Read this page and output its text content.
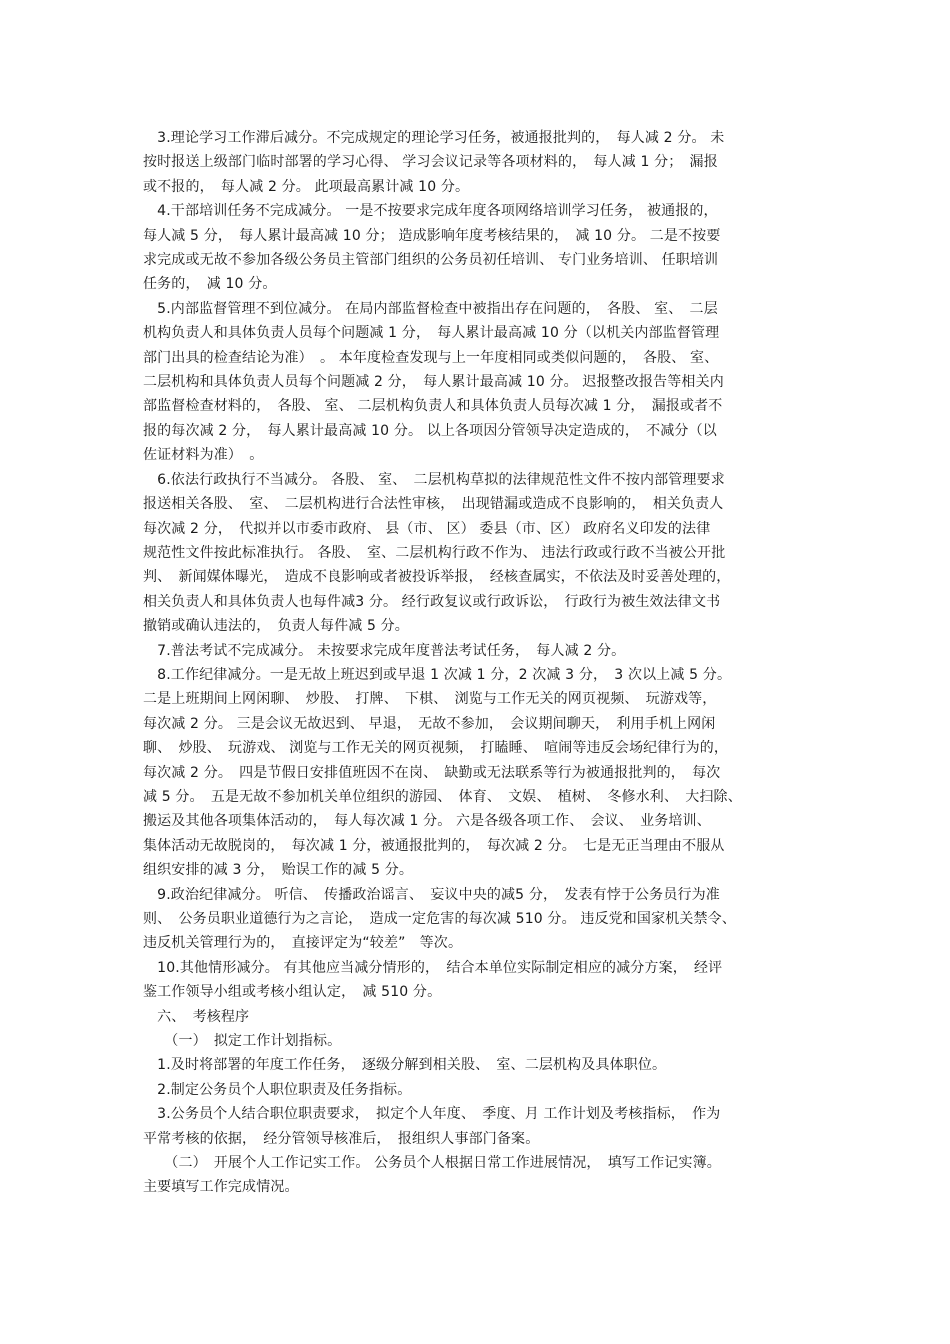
　3.理论学习工作滞后减分。不完成规定的理论学习任务，被通报批判的，　每人减 2 分。 未
按时报送上级部门临时部署的学习心得、 学习会议记录等各项材料的，　每人减 1 分；　漏报
或不报的，　每人减 2 分。 此项最高累计减 10 分。

　4.干部培训任务不完成减分。 一是不按要求完成年度各项网络培训学习任务， 被通报的，
每人减 5 分，　每人累计最高减 10 分； 造成影响年度考核结果的，　减 10 分。 二是不按要
求完成或无故不参加各级公务员主管部门组织的公务员初任培训、 专门业务培训、 任职培训
任务的，　减 10 分。

　5.内部监督管理不到位减分。 在局内部监督检查中被指出存在问题的，　各股、 室、　二层
机构负责人和具体负责人员每个问题减 1 分，　每人累计最高减 10 分（以机关内部监督管理
部门出具的检查结论为准）　。 本年度检查发现与上一年度相同或类似问题的，　各股、 室、
二层机构和具体负责人员每个问题减 2 分，　每人累计最高减 10 分。 迟报整改报告等相关内
部监督检查材料的，　各股、 室、 二层机构负责人和具体负责人员每次减 1 分，　漏报或者不
报的每次减 2 分，　每人累计最高减 10 分。 以上各项因分管领导决定造成的，　不减分（以
佐证材料为准）　。

　6.依法行政执行不当减分。 各股、 室、　二层机构草拟的法律规范性文件不按内部管理要求
报送相关各股、　室、　二层机构进行合法性审核，　出现错漏或造成不良影响的，　相关负责人
每次减 2 分，　代拟并以市委市政府、 县（市、 区） 委县（市、区） 政府名义印发的法律
规范性文件按此标准执行。 各股、　室、二层机构行政不作为、 违法行政或行政不当被公开批
判、　新闻媒体曝光，　造成不良影响或者被投诉举报，　经核查属实，不依法及时妥善处理的，
相关负责人和具体负责人也每件减3 分。 经行政复议或行政诉讼，　行政行为被生效法律文书
撤销或确认违法的，　负责人每件减 5 分。

　7.普法考试不完成减分。 未按要求完成年度普法考试任务，　每人减 2 分。

　8.工作纪律减分。一是无故上班迟到或早退 1 次减 1 分，2 次减 3 分，　3 次以上减 5 分。
二是上班期间上网闲聊、　炒股、　打牌、　下棋、　浏览与工作无关的网页视频、　玩游戏等，
每次减 2 分。 三是会议无故迟到、 早退，　无故不参加，　会议期间聊天，　利用手机上网闲
聊、　炒股、　玩游戏、 浏览与工作无关的网页视频，　打瞌睡、　喧闹等违反会场纪律行为的，
每次减 2 分。　四是节假日安排值班因不在岗、　缺勤或无法联系等行为被通报批判的，　每次
减 5 分。　五是无故不参加机关单位组织的游园、　体育、　文娱、　植树、　冬修水利、　大扫除、
搬运及其他各项集体活动的，　每人每次减 1 分。 六是各级各项工作、　会议、　业务培训、
集体活动无故脱岗的，　每次减 1 分，被通报批判的，　每次减 2 分。　七是无正当理由不服从
组织安排的减 3 分，　贻误工作的减 5 分。

　9.政治纪律减分。 听信、　传播政治谣言、　妄议中央的减5 分，　发表有悖于公务员行为准
则、　公务员职业道德行为之言论，　造成一定危害的每次减 510 分。 违反党和国家机关禁令、
违反机关管理行为的，　直接评定为“较差”　等次。

　10.其他情形减分。 有其他应当减分情形的，　结合本单位实际制定相应的减分方案，　经评
鉴工作领导小组或考核小组认定，　减 510 分。

　六、　考核程序

　　（一）　拟定工作计划指标。

　1.及时将部署的年度工作任务，　逐级分解到相关股、　室、二层机构及具体职位。

　2.制定公务员个人职位职责及任务指标。

　3.公务员个人结合职位职责要求，　拟定个人年度、　季度、月 工作计划及考核指标，　作为
平常考核的依据，　经分管领导核准后，　报组织人事部门备案。

　　（二）　开展个人工作记实工作。 公务员个人根据日常工作进展情况，　填写工作记实簿。
主要填写工作完成情况。
